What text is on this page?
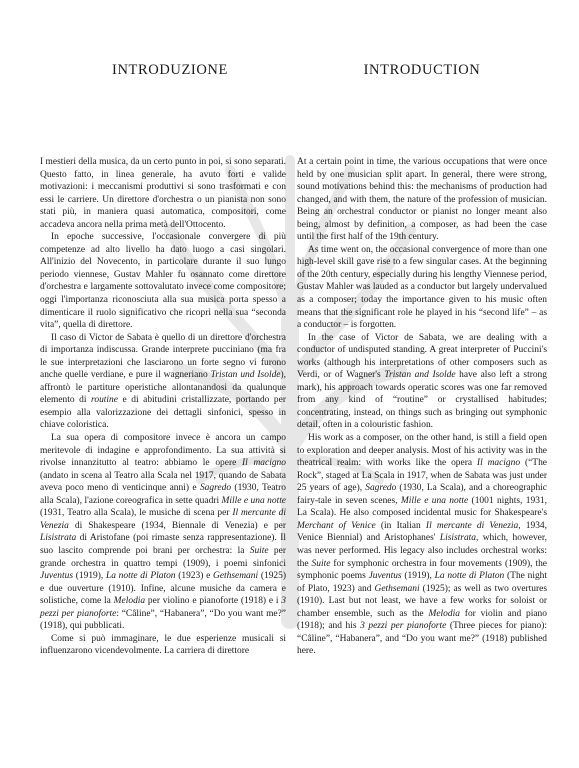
INTRODUZIONE	INTRODUCTION

I mestieri della musica, da un certo punto in poi, si sono separati. Questo fatto, in linea generale, ha avuto forti e valide motivazioni: i meccanismi produttivi si sono trasformati e con essi le carriere. Un direttore d'orchestra o un pianista non sono stati più, in maniera quasi automatica, compositori, come accadeva ancora nella prima metà dell'Ottocento.

In epoche successive, l'occasionale convergere di più competenze ad alto livello ha dato luogo a casi singolari. All'inizio del Novecento, in particolare durante il suo lungo periodo viennese, Gustav Mahler fu osannato come direttore d'orchestra e largamente sottovalutato invece come compositore; oggi l'importanza riconosciuta alla sua musica porta spesso a dimenticare il ruolo significativo che ricoprì nella sua “seconda vita”, quella di direttore.

Il caso di Victor de Sabata è quello di un direttore d'orchestra di importanza indiscussa. Grande interprete pucciniano (ma fra le sue interpretazioni che lasciarono un forte segno vi furono anche quelle verdiane, e pure il wagneriano Tristan und Isolde), affrontò le partiture operistiche allontanandosi da qualunque elemento di routine e di abitudini cristallizzate, portando per esempio alla valorizzazione dei dettagli sinfonici, spesso in chiave coloristica.

La sua opera di compositore invece è ancora un campo meritevole di indagine e approfondimento. La sua attività si rivolse innanzitutto al teatro: abbiamo le opere Il macigno (andato in scena al Teatro alla Scala nel 1917, quando de Sabata aveva poco meno di venticinque anni) e Sagredo (1930, Teatro alla Scala), l'azione coreografica in sette quadri Mille e una notte (1931, Teatro alla Scala), le musiche di scena per Il mercante di Venezia di Shakespeare (1934, Biennale di Venezia) e per Lisistrata di Aristofane (poi rimaste senza rappresentazione). Il suo lascito comprende poi brani per orchestra: la Suite per grande orchestra in quattro tempi (1909), i poemi sinfonici Juventus (1919), La notte di Platon (1923) e Gethsemani (1925) e due ouverture (1910). Infine, alcune musiche da camera e solistiche, come la Melodia per violino e pianoforte (1918) e i 3 pezzi per pianoforte: “Câline”, “Habanera”, “Do you want me?” (1918), qui pubblicati.

Come si può immaginare, le due esperienze musicali si influenzarono vicendevolmente. La carriera di direttore

At a certain point in time, the various occupations that were once held by one musician split apart. In general, there were strong, sound motivations behind this: the mechanisms of production had changed, and with them, the nature of the profession of musician. Being an orchestral conductor or pianist no longer meant also being, almost by definition, a composer, as had been the case until the first half of the 19th century.

As time went on, the occasional convergence of more than one high-level skill gave rise to a few singular cases. At the beginning of the 20th century, especially during his lengthy Viennese period, Gustav Mahler was lauded as a conductor but largely undervalued as a composer; today the importance given to his music often means that the significant role he played in his “second life” – as a conductor – is forgotten.

In the case of Victor de Sabata, we are dealing with a conductor of undisputed standing. A great interpreter of Puccini's works (although his interpretations of other composers such as Verdi, or of Wagner's Tristan and Isolde have also left a strong mark), his approach towards operatic scores was one far removed from any kind of “routine” or crystallised habitudes; concentrating, instead, on things such as bringing out symphonic detail, often in a colouristic fashion.

His work as a composer, on the other hand, is still a field open to exploration and deeper analysis. Most of his activity was in the theatrical realm: with works like the opera Il macigno (“The Rock”, staged at La Scala in 1917, when de Sabata was just under 25 years of age), Sagredo (1930, La Scala), and a choreographic fairy-tale in seven scenes, Mille e una notte (1001 nights, 1931, La Scala). He also composed incidental music for Shakespeare's Merchant of Venice (in Italian Il mercante di Venezia, 1934, Venice Biennial) and Aristophanes' Lisistrata, which, however, was never performed. His legacy also includes orchestral works: the Suite for symphonic orchestra in four movements (1909), the symphonic poems Juventus (1919), La notte di Platon (The night of Plato, 1923) and Gethsemani (1925); as well as two overtures (1910). Last but not least, we have a few works for soloist or chamber ensemble, such as the Melodia for violin and piano (1918); and his 3 pezzi per pianoforte (Three pieces for piano): “Câline”, “Habanera”, and “Do you want me?” (1918) published here.
